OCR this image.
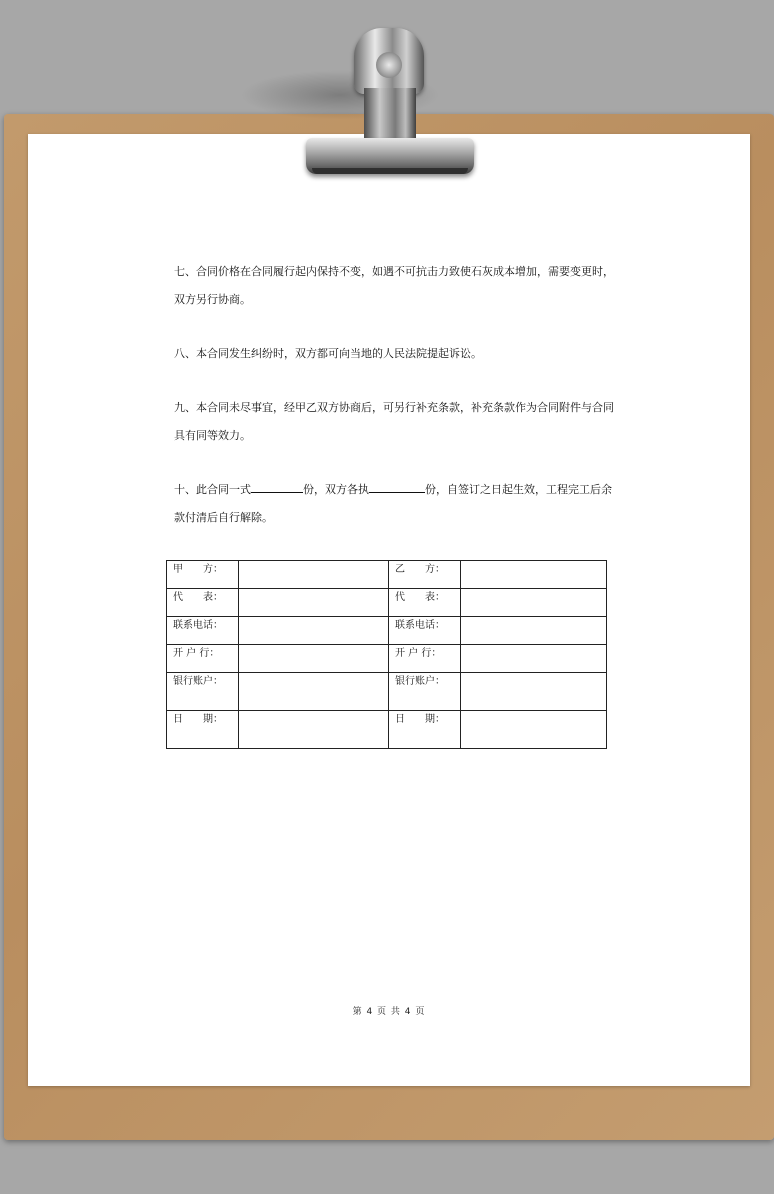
七、合同价格在合同履行起内保持不变，如遇不可抗击力致使石灰成本增加，需要变更时，双方另行协商。

八、本合同发生纠纷时，双方都可向当地的人民法院提起诉讼。

九、本合同未尽事宜，经甲乙双方协商后，可另行补充条款，补充条款作为合同附件与合同具有同等效力。

十、此合同一式	份，双方各执	份，自签订之日起生效，工程完工后余款付清后自行解除。

甲　　方：		乙　　方：	
代　　表：		代　　表：	
联系电话：		联系电话：	
开 户 行：		开 户 行：	
银行账户：		银行账户：	
日　　期：		日　　期：	
第 4 页 共 4 页
